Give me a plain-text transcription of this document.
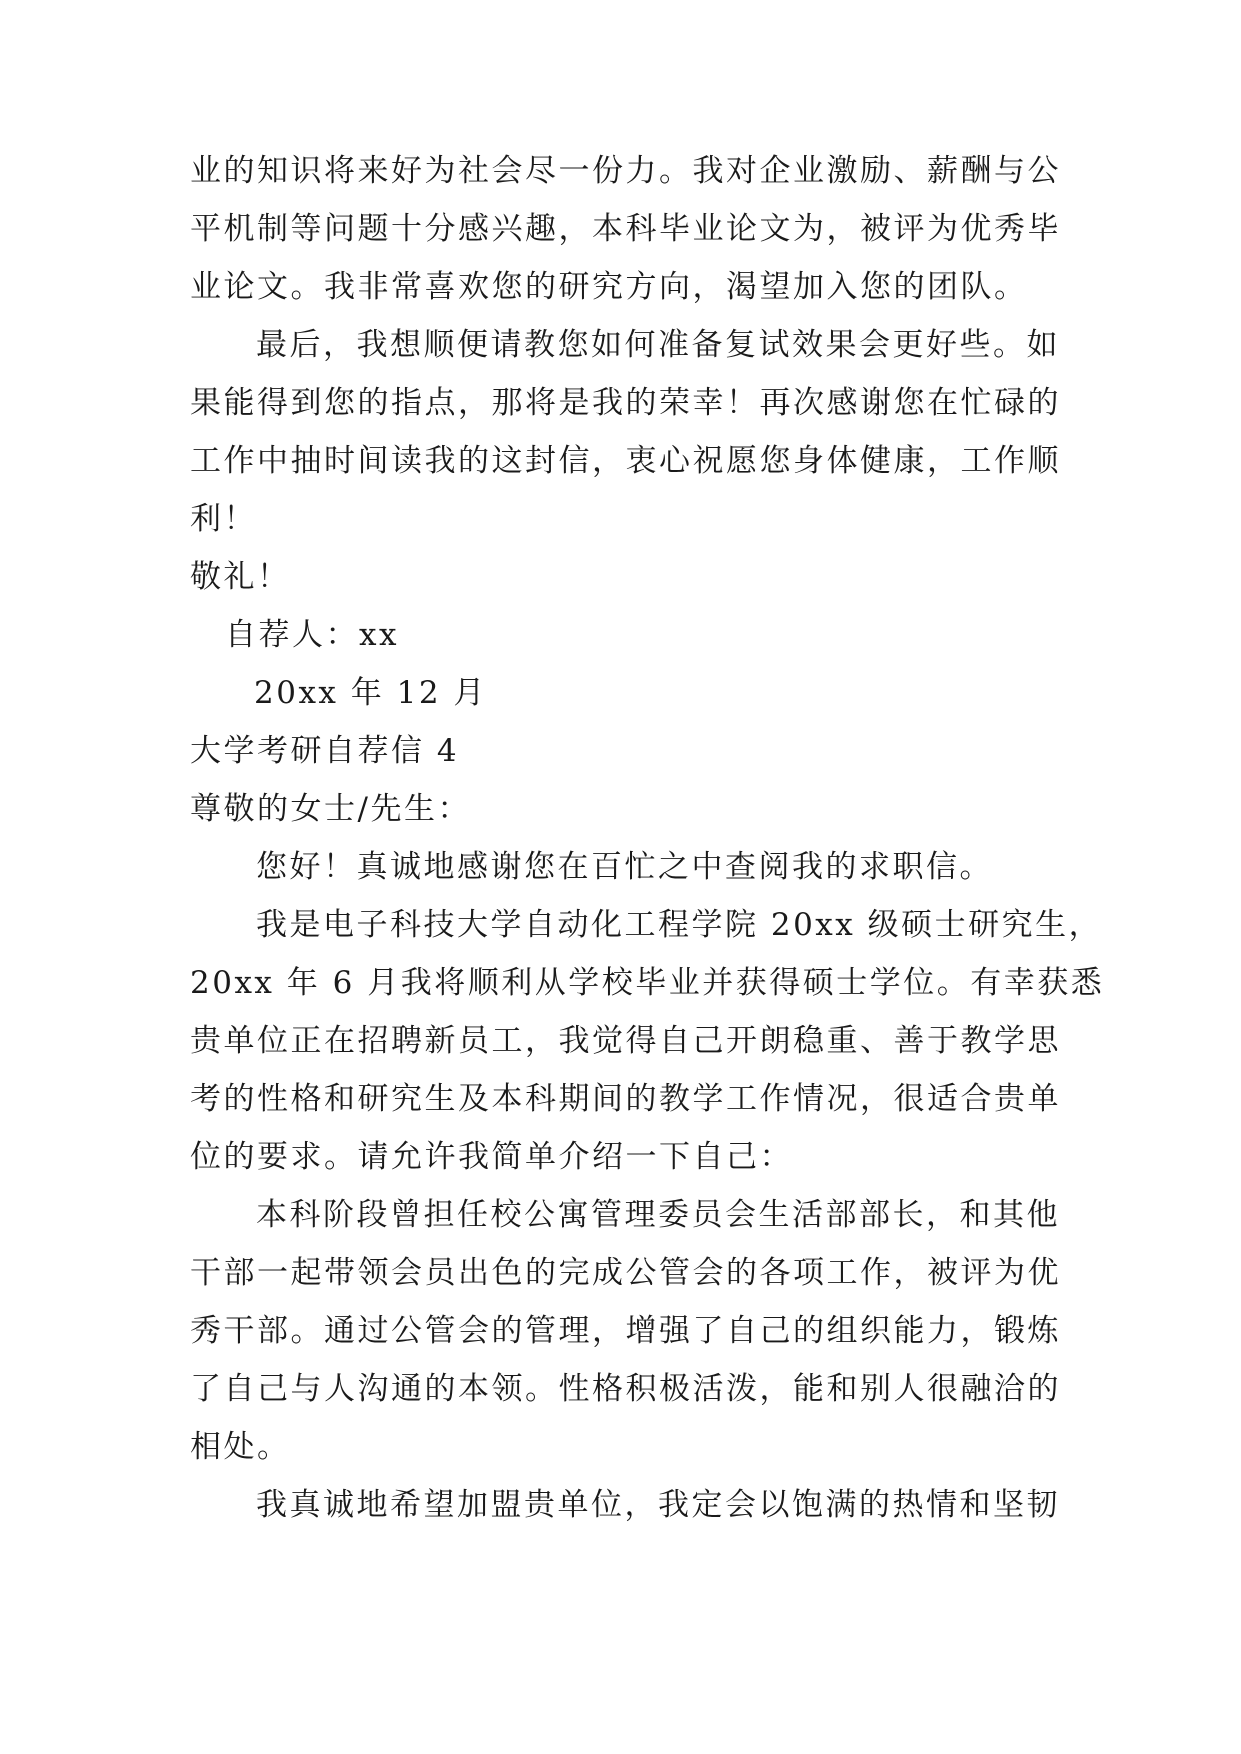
业的知识将来好为社会尽一份力。我对企业激励、薪酬与公
平机制等问题十分感兴趣，本科毕业论文为，被评为优秀毕
业论文。我非常喜欢您的研究方向，渴望加入您的团队。
最后，我想顺便请教您如何准备复试效果会更好些。如
果能得到您的指点，那将是我的荣幸！再次感谢您在忙碌的
工作中抽时间读我的这封信，衷心祝愿您身体健康，工作顺
利！
敬礼！
自荐人：xx
20xx 年 12 月
大学考研自荐信 4
尊敬的女士/先生：
您好！真诚地感谢您在百忙之中查阅我的求职信。
我是电子科技大学自动化工程学院 20xx 级硕士研究生，
20xx 年 6 月我将顺利从学校毕业并获得硕士学位。有幸获悉
贵单位正在招聘新员工，我觉得自己开朗稳重、善于教学思
考的性格和研究生及本科期间的教学工作情况，很适合贵单
位的要求。请允许我简单介绍一下自己：
本科阶段曾担任校公寓管理委员会生活部部长，和其他
干部一起带领会员出色的完成公管会的各项工作，被评为优
秀干部。通过公管会的管理，增强了自己的组织能力，锻炼
了自己与人沟通的本领。性格积极活泼，能和别人很融洽的
相处。
我真诚地希望加盟贵单位，我定会以饱满的热情和坚韧
